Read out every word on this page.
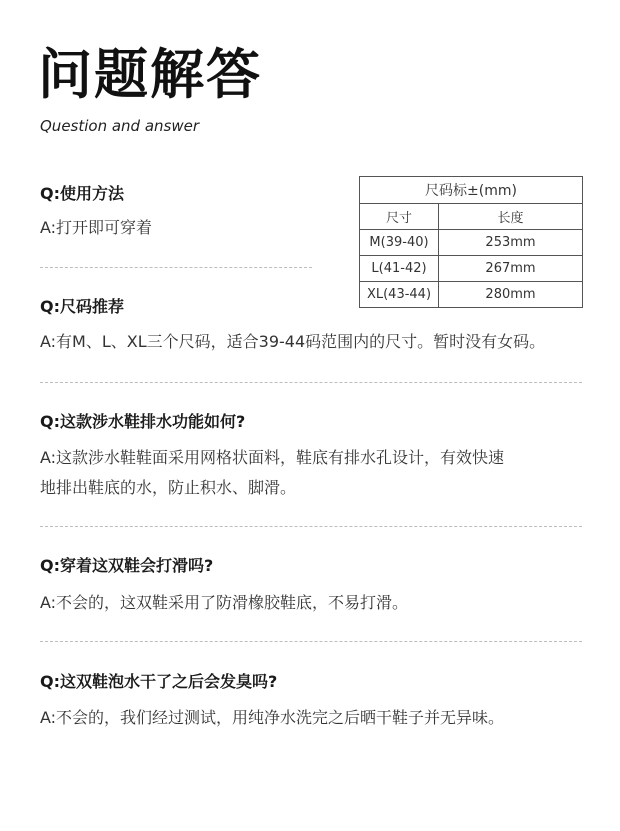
问题解答
Question and answer
尺码标±(mm)	
尺寸	长度
M(39-40)	253mm
L(41-42)	267mm
XL(43-44)	280mm
Q:使用方法
A:打开即可穿着
Q:尺码推荐
A:有M、L、XL三个尺码，适合39-44码范围内的尺寸。暂时没有女码。
Q:这款涉水鞋排水功能如何?
A:这款涉水鞋鞋面采用网格状面料，鞋底有排水孔设计，有效快速
地排出鞋底的水，防止积水、脚滑。
Q:穿着这双鞋会打滑吗?
A:不会的，这双鞋采用了防滑橡胶鞋底，不易打滑。
Q:这双鞋泡水干了之后会发臭吗?
A:不会的，我们经过测试，用纯净水洗完之后晒干鞋子并无异味。
